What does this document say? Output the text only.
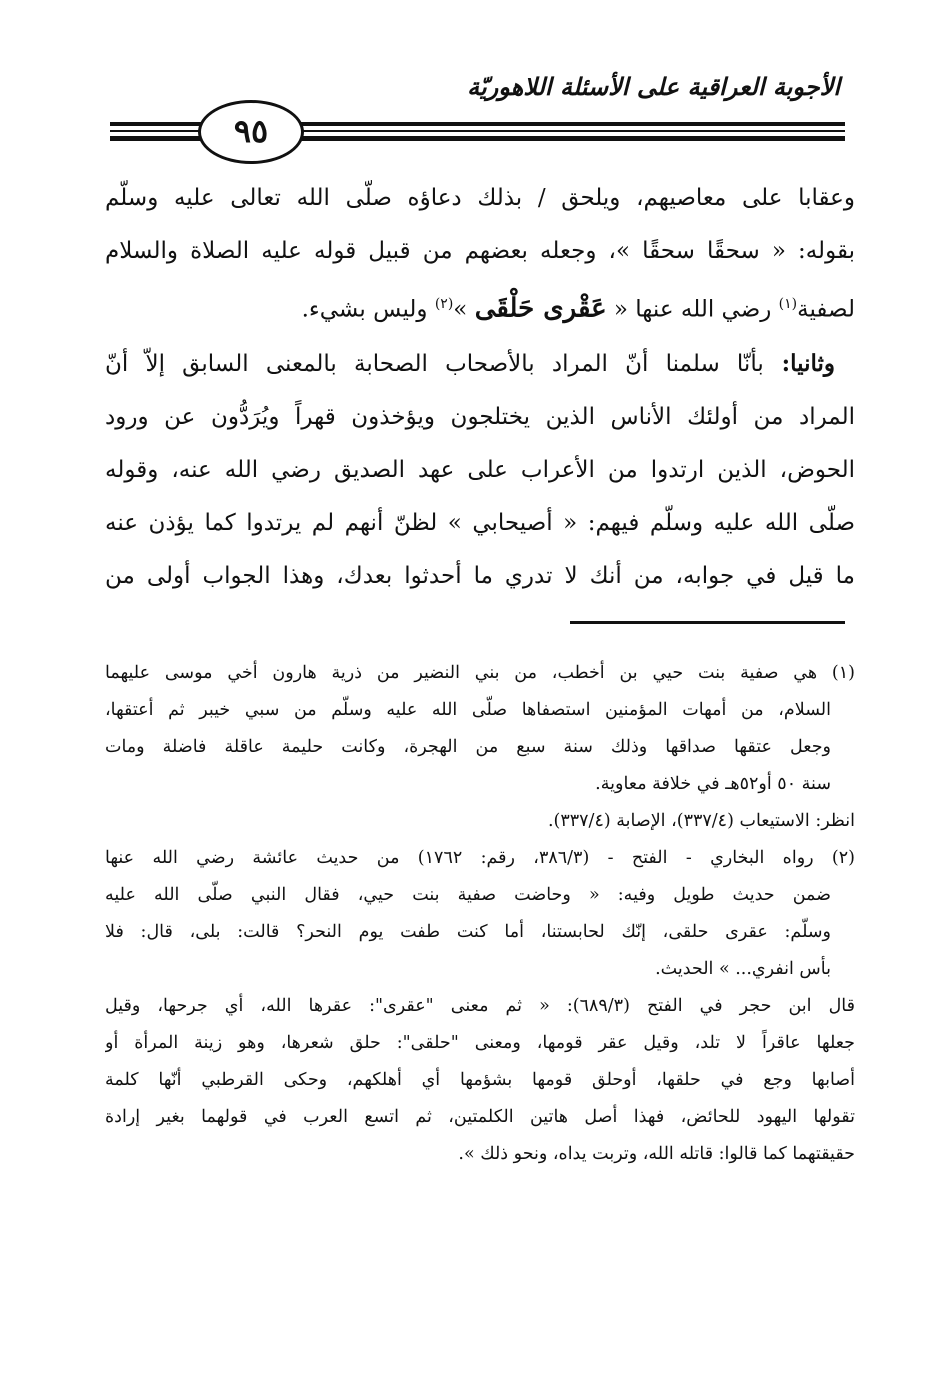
الأجوبة العراقية على الأسئلة اللاهوريّة
٩٥

وعقابا على معاصيهم، ويلحق / بذلك دعاؤه صلّى الله تعالى عليه وسلّم

بقوله: « سحقًا سحقًا »، وجعله بعضهم من قبيل قوله عليه الصلاة والسلام

لصفية$^{(١)}$ رضي الله عنها « عَقْرى حَلْقَى »$^{(٢)}$ وليس بشيء.

وثانيا: بأنّا سلمنا أنّ المراد بالأصحاب الصحابة بالمعنى السابق إلاّ أنّ

المراد من أولئك الأناس الذين يختلجون ويؤخذون قهراً ويُرَدُّون عن ورود

الحوض، الذين ارتدوا من الأعراب على عهد الصديق رضي الله عنه، وقوله

صلّى الله عليه وسلّم فيهم: « أصيحابي » لظنّ أنهم لم يرتدوا كما يؤذن عنه

ما قيل في جوابه، من أنك لا تدري ما أحدثوا بعدك، وهذا الجواب أولى من

(١) هي صفية بنت حيي بن أخطب، من بني النضير من ذرية هارون أخي موسى عليهما

السلام، من أمهات المؤمنين استصفاها صلّى الله عليه وسلّم من سبي خيبر ثم أعتقها،

وجعل عتقها صداقها وذلك سنة سبع من الهجرة، وكانت حليمة عاقلة فاضلة ومات

سنة ٥٠ أو٥٢هـ في خلافة معاوية.

انظر: الاستيعاب (٣٣٧/٤)، الإصابة (٣٣٧/٤).

(٢) رواه البخاري - الفتح - (٣٨٦/٣، رقم: ١٧٦٢) من حديث عائشة رضي الله عنها

ضمن حديث طويل وفيه: « وحاضت صفية بنت حيي، فقال النبي صلّى الله عليه

وسلّم: عقرى حلقى، إنّك لحابستنا، أما كنت طفت يوم النحر؟ قالت: بلى، قال: فلا

بأس انفري... » الحديث.

قال ابن حجر في الفتح (٦٨٩/٣): « ثم معنى "عقرى": عقرها الله، أي جرحها، وقيل

جعلها عاقراً لا تلد، وقيل عقر قومها، ومعنى "حلقى": حلق شعرها، وهو زينة المرأة أو

أصابها وجع في حلقها، أوحلق قومها بشؤمها أي أهلكهم، وحكى القرطبي أنّها كلمة

تقولها اليهود للحائض، فهذا أصل هاتين الكلمتين، ثم اتسع العرب في قولهما بغير إرادة

حقيقتهما كما قالوا: قاتله الله، وتربت يداه، ونحو ذلك ».
